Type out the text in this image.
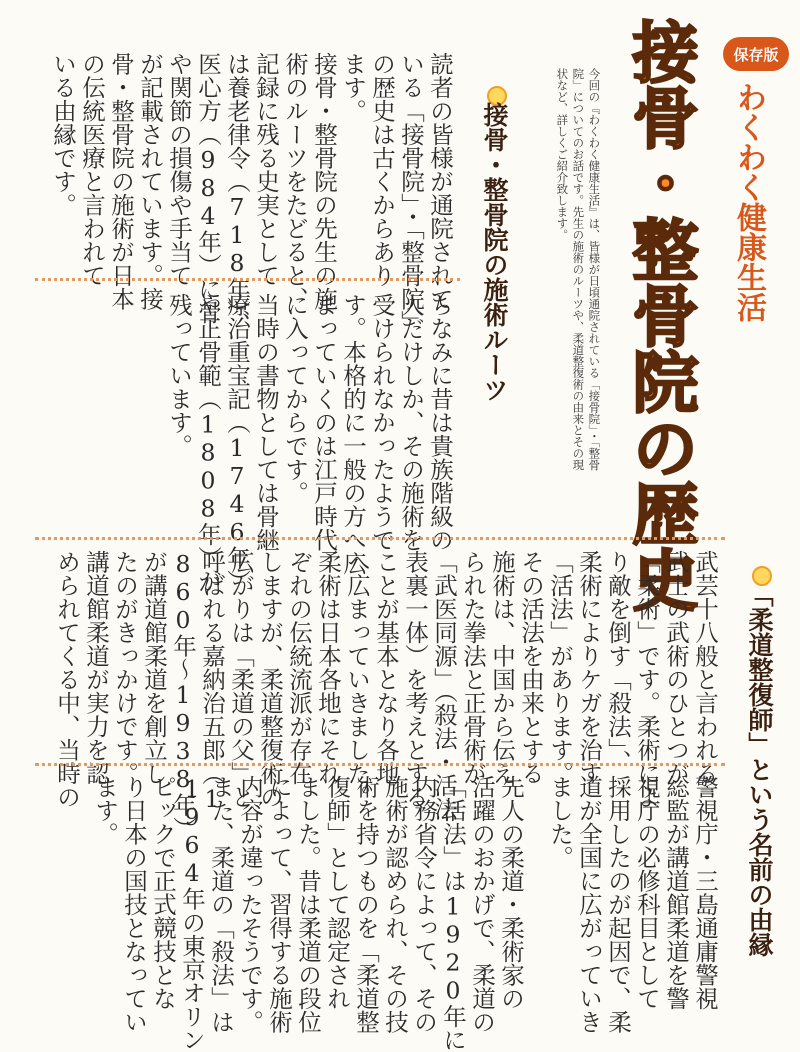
保存版
わくわく健康生活
接骨・整骨院の歴史
今回の『わくわく健康生活』は、皆様が日頃通院されている「接骨院」・「整骨
院」についてのお話です。先生の施術のルーツや、柔道整復術の由来とその現
状など、詳しくご紹介致します。
接骨・整骨院の施術ルーツ
読者の皆様が通院されて
いる「接骨院」・「整骨院」
の歴史は古くからあり
ます。
接骨・整骨院の先生の施
術のルーツをたどると、
記録に残る史実として
は養老律令（718年）、
医心方（984年）に骨
や関節の損傷や手当て
が記載されています。接
骨・整骨院の施術が日本
の伝統医療と言われて
いる由縁です。
ちなみに昔は貴族階級の
人だけしか、その施術を
受けられなかったようで
す。本格的に一般の方へ広
まっていくのは江戸時代
に入ってからです。
当時の書物としては骨継
療治重宝記（1746年）
や正骨範（1808年）が
残っています。
「柔道整復師」という名前の由縁
武芸十八般と言われる
武士の武術のひとつが
「柔術」です。柔術によ
り敵を倒す「殺法」、
柔術によりケガを治す
「活法」があります。
その活法を由来とする
施術は、中国から伝え
られた拳法と正骨術が
「武医同源」（殺法・活法
表裏一体）を考えとする
ことが基本となり各地
へ広まっていきました。
柔術は日本各地にそれ
ぞれの伝統流派が存在
しますが、柔道整復術の
広がりは「柔道の父」と
呼ばれる嘉納治五郎（1
860年〜1938年）
が講道館柔道を創立し
たのがきっかけです。
講道館柔道が実力を認
められてくる中、当時の
警視庁・三島通庸警視
総監が講道館柔道を警
視庁の必修科目として
採用したのが起因で、柔
道が全国に広がっていき
ました。
先人の柔道・柔術家の
活躍のおかげで、柔道の
「活法」は1920年に
内務省令によって、その
施術が認められ、その技
術を持つものを「柔道整
復師」として認定され
ました。昔は柔道の段位
によって、習得する施術
内容が違ったそうです。
また、柔道の「殺法」は
1964年の東京オリン
ピックで正式競技とな
り日本の国技となってい
ます。
